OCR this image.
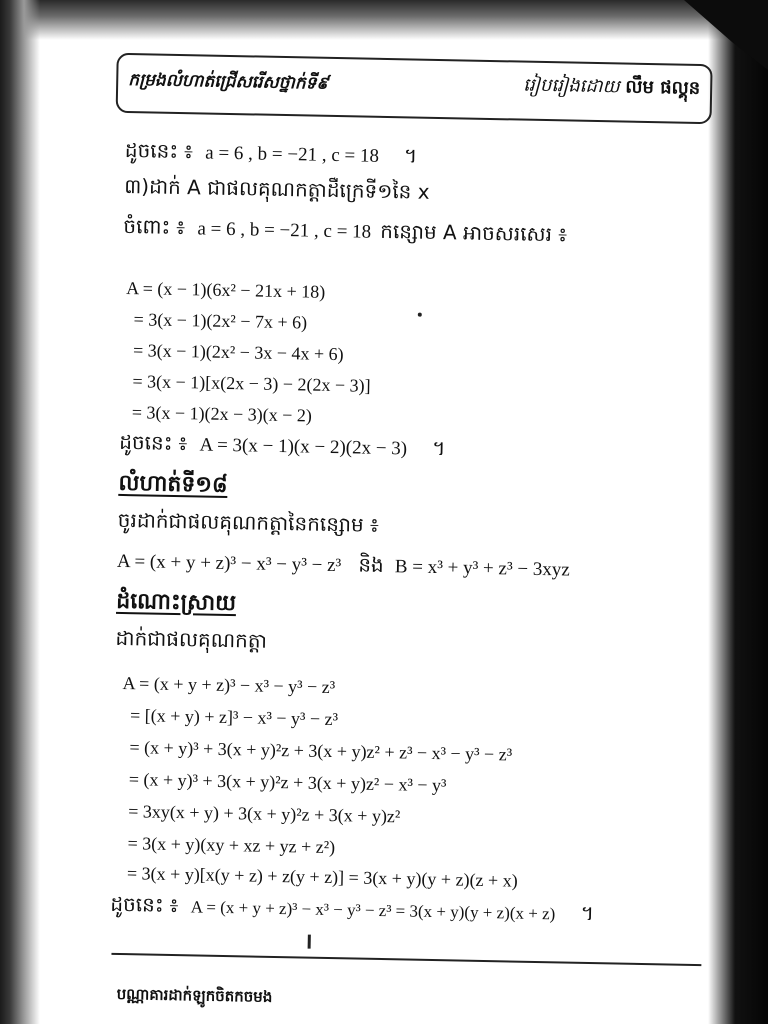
កម្រងលំហាត់ជ្រើសរើសថ្នាក់ទី៩	រៀបរៀងដោយ លឹម ផល្គុន
ដូចនេះ ៖ a = 6 , b = −21 , c = 18 ។
៣)ដាក់ A ជាផលគុណកត្តាដឺក្រេទី១នៃ x
ចំពោះ ៖ a = 6 , b = −21 , c = 18 កន្សោម A អាចសរសេរ ៖
A = (x − 1)(6x² − 21x + 18)
= 3(x − 1)(2x² − 7x + 6)
= 3(x − 1)(2x² − 3x − 4x + 6)
= 3(x − 1)[x(2x − 3) − 2(2x − 3)]
= 3(x − 1)(2x − 3)(x − 2)
ដូចនេះ ៖ A = 3(x − 1)(x − 2)(2x − 3) ។
លំហាត់ទី១៨
ចូរដាក់ជាផលគុណកត្តានៃកន្សោម ៖
A = (x + y + z)³ − x³ − y³ − z³ និង B = x³ + y³ + z³ − 3xyz
ដំណោះស្រាយ
ដាក់ជាផលគុណកត្តា
A = (x + y + z)³ − x³ − y³ − z³
= [(x + y) + z]³ − x³ − y³ − z³
= (x + y)³ + 3(x + y)²z + 3(x + y)z² + z³ − x³ − y³ − z³
= (x + y)³ + 3(x + y)²z + 3(x + y)z² − x³ − y³
= 3xy(x + y) + 3(x + y)²z + 3(x + y)z²
= 3(x + y)(xy + xz + yz + z²)
= 3(x + y)[x(y + z) + z(y + z)] = 3(x + y)(y + z)(z + x)
ដូចនេះ ៖ A = (x + y + z)³ − x³ − y³ − z³ = 3(x + y)(y + z)(x + z) ។
បណ្ណាគារដាក់ឡូកចិតកចមង
